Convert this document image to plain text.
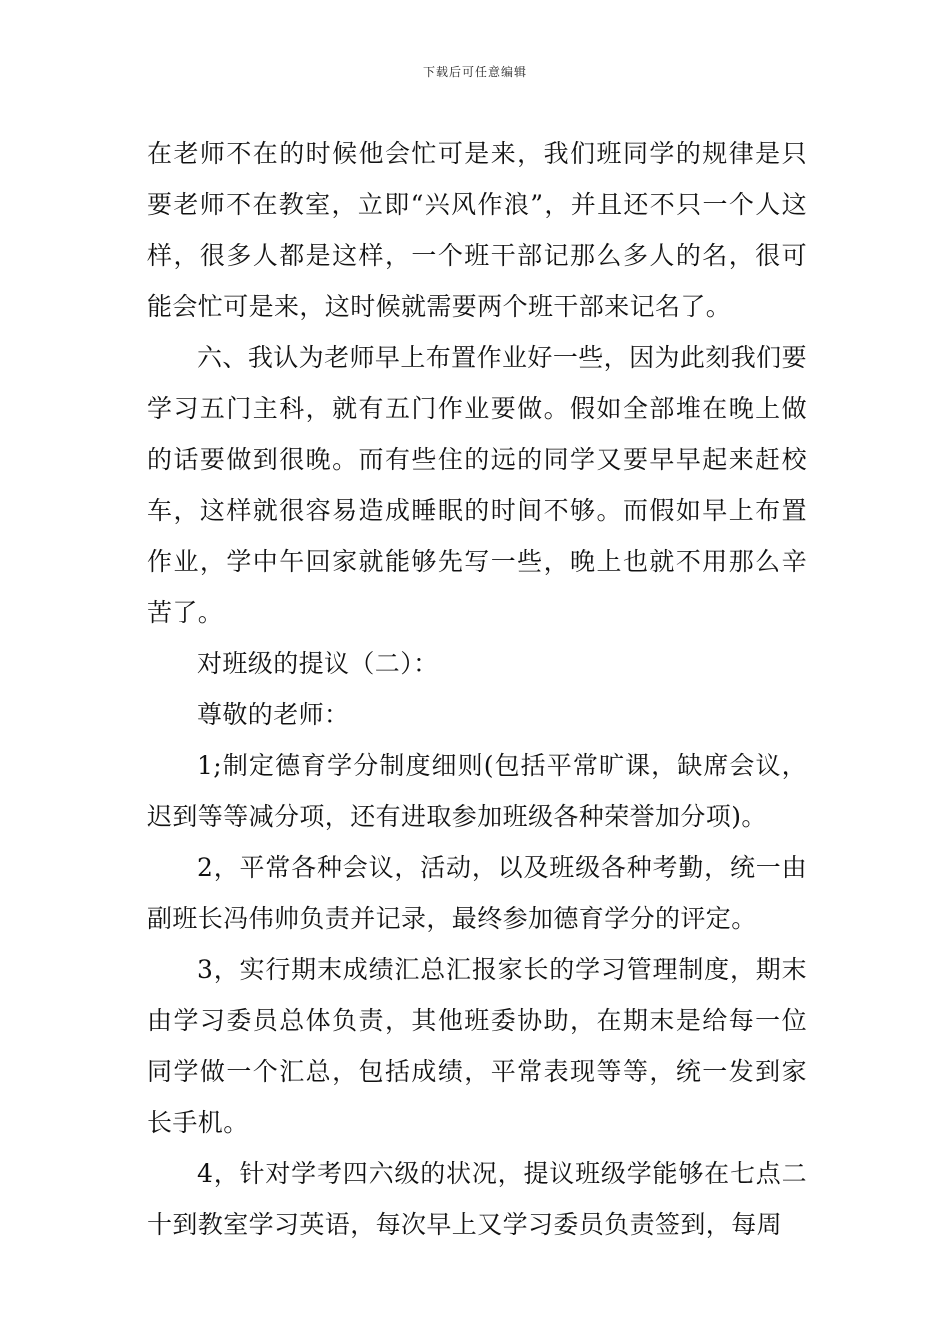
下载后可任意编辑

在老师不在的时候他会忙可是来，我们班同学的规律是只要老师不在教室，立即“兴风作浪”，并且还不只一个人这样，很多人都是这样，一个班干部记那么多人的名，很可能会忙可是来，这时候就需要两个班干部来记名了。

六、我认为老师早上布置作业好一些，因为此刻我们要学习五门主科，就有五门作业要做。假如全部堆在晚上做的话要做到很晚。而有些住的远的同学又要早早起来赶校车，这样就很容易造成睡眠的时间不够。而假如早上布置作业，学中午回家就能够先写一些，晚上也就不用那么辛苦了。

对班级的提议（二）：

尊敬的老师：

1;制定德育学分制度细则(包括平常旷课，缺席会议，迟到等等减分项，还有进取参加班级各种荣誉加分项)。

2，平常各种会议，活动，以及班级各种考勤，统一由副班长冯伟帅负责并记录，最终参加德育学分的评定。

3，实行期末成绩汇总汇报家长的学习管理制度，期末由学习委员总体负责，其他班委协助，在期末是给每一位同学做一个汇总，包括成绩，平常表现等等，统一发到家长手机。

4，针对学考四六级的状况，提议班级学能够在七点二十到教室学习英语，每次早上又学习委员负责签到，每周
